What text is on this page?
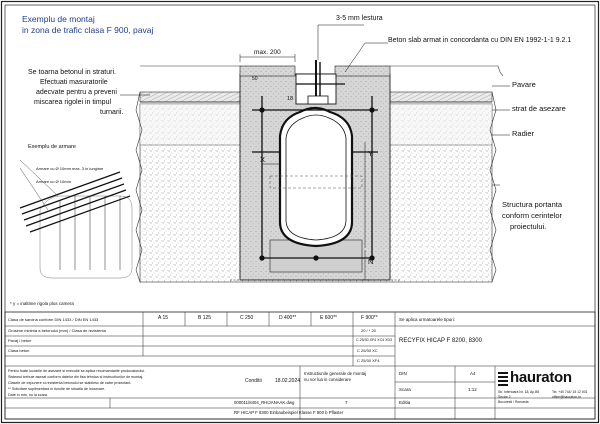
Exemplu de montaj
in zona de trafic clasa F 900, pavaj
Se toarna betonul in straturi.
Efectuati masuratorile
adecvate pentru a preveni
miscarea rigolei in timpul
turnarii.
3-5 mm lestura
Beton slab armat in concordanta cu DIN EN 1992-1-1 9.2.1
Pavare
strat de asezare
Radier
Structura portanta
conform cerintelor
proiectului.
max. 200
50
18
X
Y
N
Exemplu de armare
Armare cu Ø 10mm max. 3 in lungime
Armare cu Ø 10mm
* y = inaltime rigola plus camera
A 15	B 125	C 250	D 400**	E 600**	F 900**
Clasa de sarcina conform DIN 1433 / DIN EN 1433
Grosime minima a betonului (mm) / Clasa de rezistenta	20 / * 20
Pavaj / beton	C 25/30 XF4 XC4 XD3
Clasa beton	C 25/30 XC
C 25/30 XF4
Se aplica urmatoarele tipuri:
RECYFIX HICAP F 8200, 8300
Pentru toate lucrarile de asezare si executie se aplica recomandarile producatorului.
Sistemul trebuie asezat conform datelor din fisa tehnica si instructiunilor de montaj.
Clasele de expunere si rezistenta betonului se stabilesc de catre proiectant.
** Solicitare suplimentara in functie de situatia de incarcare.
Date in mm, nu la scara.
Conditii	18.02.2024
Instructiunile generale de montaj
nu vor lua in considerare
DIN	A4
Scara	1:12
000011/8404_RHIJANAAK.dwg	7	Editia
RF HICAP F 8300 Einbaubeispiel Klasse F 900 b Pflaster
hauraton
Str. Interioara Nr. 18, Ap.B5
Sector 2
Bucuresti / Romania
Tel. +40 744/ 15 12 001
office@hauraton.ro
